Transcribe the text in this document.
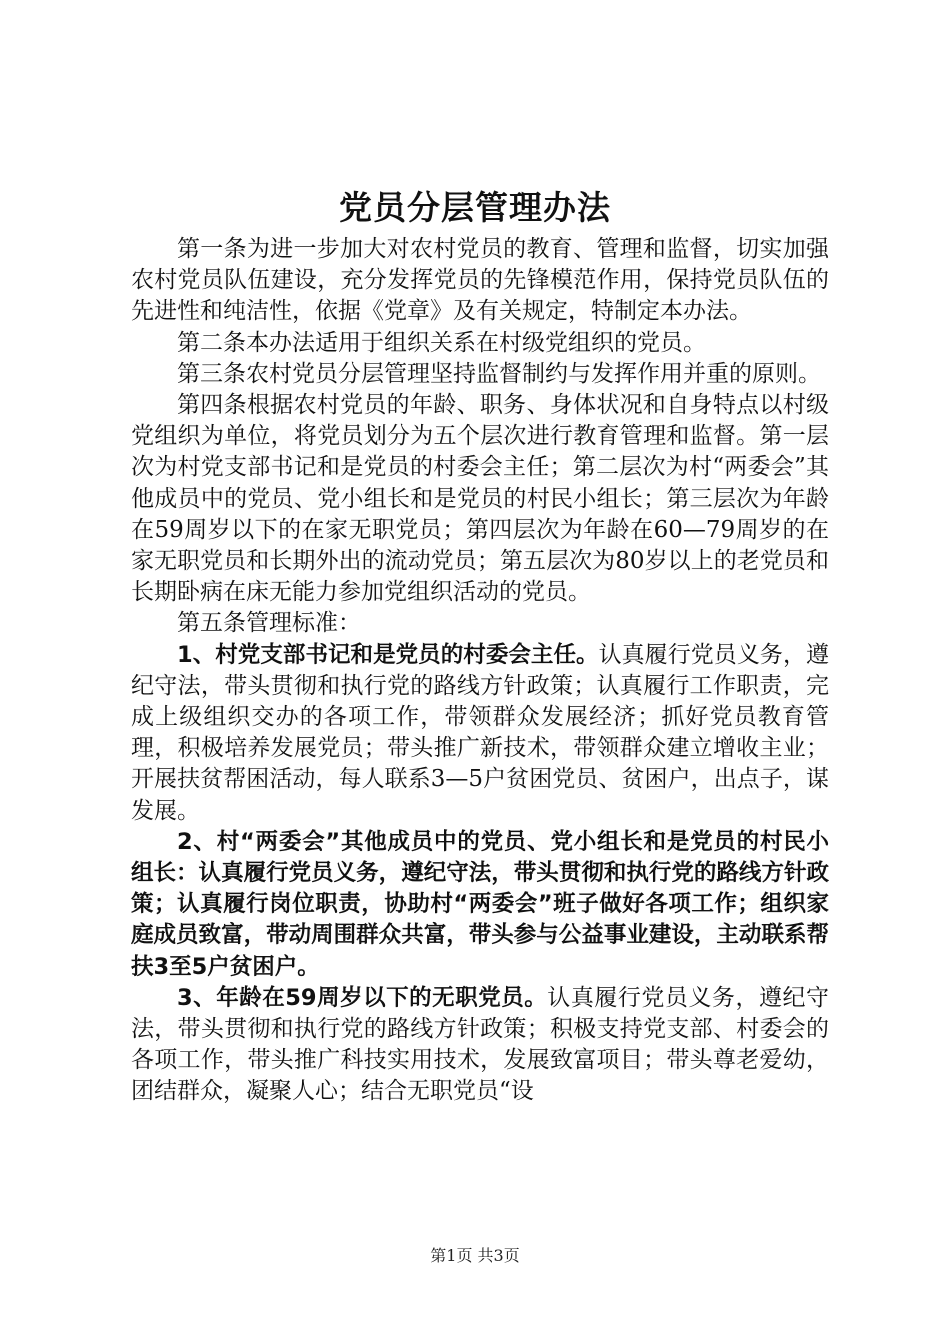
党员分层管理办法

第一条为进一步加大对农村党员的教育、管理和监督，切实加强农村党员队伍建设，充分发挥党员的先锋模范作用，保持党员队伍的先进性和纯洁性，依据《党章》及有关规定，特制定本办法。

第二条本办法适用于组织关系在村级党组织的党员。

第三条农村党员分层管理坚持监督制约与发挥作用并重的原则。

第四条根据农村党员的年龄、职务、身体状况和自身特点以村级党组织为单位，将党员划分为五个层次进行教育管理和监督。第一层次为村党支部书记和是党员的村委会主任；第二层次为村“两委会”其他成员中的党员、党小组长和是党员的村民小组长；第三层次为年龄在59周岁以下的在家无职党员；第四层次为年龄在60—79周岁的在家无职党员和长期外出的流动党员；第五层次为80岁以上的老党员和长期卧病在床无能力参加党组织活动的党员。

第五条管理标准：

1、村党支部书记和是党员的村委会主任。认真履行党员义务，遵纪守法，带头贯彻和执行党的路线方针政策；认真履行工作职责，完成上级组织交办的各项工作，带领群众发展经济；抓好党员教育管理，积极培养发展党员；带头推广新技术，带领群众建立增收主业；开展扶贫帮困活动，每人联系3—5户贫困党员、贫困户，出点子，谋发展。

2、村“两委会”其他成员中的党员、党小组长和是党员的村民小组长：认真履行党员义务，遵纪守法，带头贯彻和执行党的路线方针政策；认真履行岗位职责，协助村“两委会”班子做好各项工作；组织家庭成员致富，带动周围群众共富，带头参与公益事业建设，主动联系帮扶3至5户贫困户。

3、年龄在59周岁以下的无职党员。认真履行党员义务，遵纪守法，带头贯彻和执行党的路线方针政策；积极支持党支部、村委会的各项工作，带头推广科技实用技术，发展致富项目；带头尊老爱幼，团结群众，凝聚人心；结合无职党员“设

第1页 共3页
